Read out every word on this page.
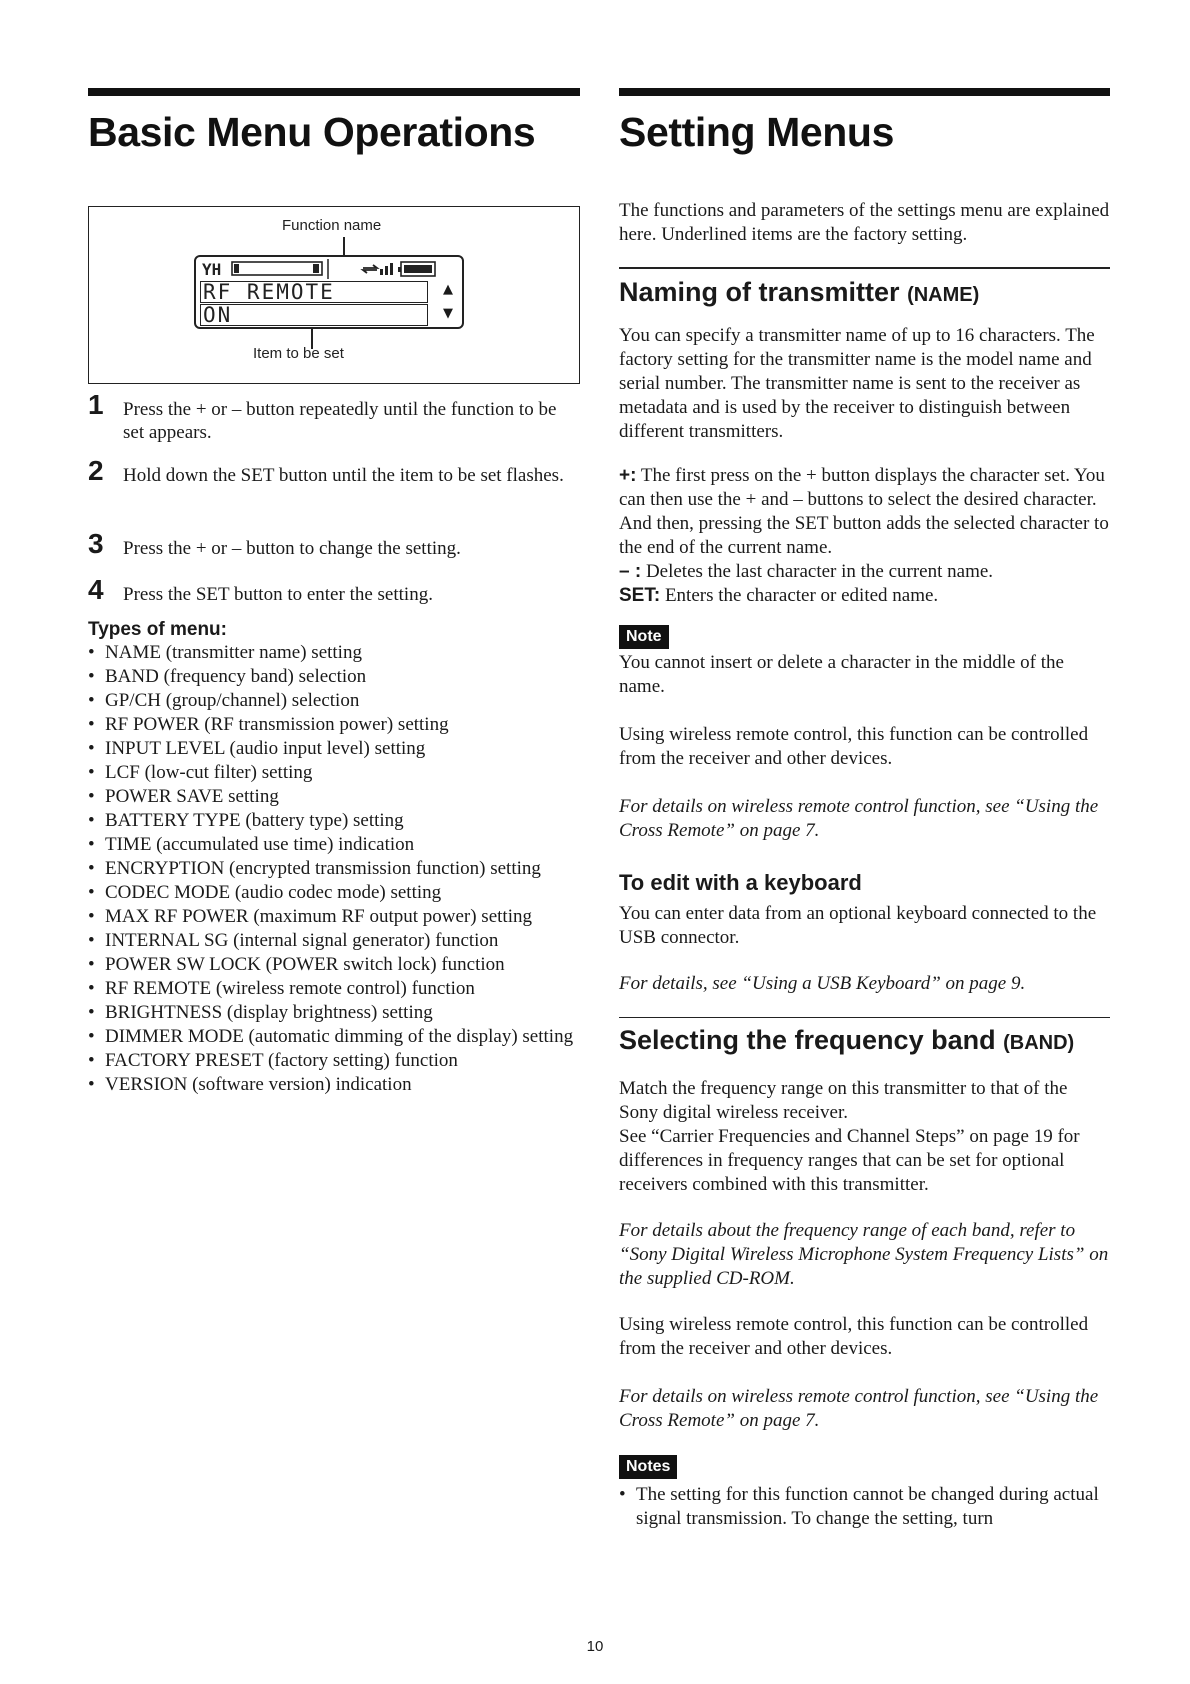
Basic Menu Operations
Function name
YH
RF REMOTE
ON
▲
▼
Item to be set
1 Press the + or – button repeatedly until the function to be set appears.
2 Hold down the SET button until the item to be set flashes.
3 Press the + or – button to change the setting.
4 Press the SET button to enter the setting.
Types of menu:
• NAME (transmitter name) setting
• BAND (frequency band) selection
• GP/CH (group/channel) selection
• RF POWER (RF transmission power) setting
• INPUT LEVEL (audio input level) setting
• LCF (low-cut filter) setting
• POWER SAVE setting
• BATTERY TYPE (battery type) setting
• TIME (accumulated use time) indication
• ENCRYPTION (encrypted transmission function) setting
• CODEC MODE (audio codec mode) setting
• MAX RF POWER (maximum RF output power) setting
• INTERNAL SG (internal signal generator) function
• POWER SW LOCK (POWER switch lock) function
• RF REMOTE (wireless remote control) function
• BRIGHTNESS (display brightness) setting
• DIMMER MODE (automatic dimming of the display) setting
• FACTORY PRESET (factory setting) function
• VERSION (software version) indication
Setting Menus

The functions and parameters of the settings menu are explained here. Underlined items are the factory setting.

Naming of transmitter (NAME)

You can specify a transmitter name of up to 16 characters. The factory setting for the transmitter name is the model name and serial number. The transmitter name is sent to the receiver as metadata and is used by the receiver to distinguish between different transmitters.

+: The first press on the + button displays the character set. You can then use the + and – buttons to select the desired character. And then, pressing the SET button adds the selected character to the end of the current name.

– : Deletes the last character in the current name.

SET: Enters the character or edited name.

Note

You cannot insert or delete a character in the middle of the name.

Using wireless remote control, this function can be controlled from the receiver and other devices.

For details on wireless remote control function, see “Using the Cross Remote” on page 7.

To edit with a keyboard

You can enter data from an optional keyboard connected to the USB connector.

For details, see “Using a USB Keyboard” on page 9.

Selecting the frequency band (BAND)

Match the frequency range on this transmitter to that of the Sony digital wireless receiver.

See “Carrier Frequencies and Channel Steps” on page 19 for differences in frequency ranges that can be set for optional receivers combined with this transmitter.

For details about the frequency range of each band, refer to “Sony Digital Wireless Microphone System Frequency Lists” on the supplied CD-ROM.

Using wireless remote control, this function can be controlled from the receiver and other devices.

For details on wireless remote control function, see “Using the Cross Remote” on page 7.

Notes
• The setting for this function cannot be changed during actual signal transmission. To change the setting, turn
10
